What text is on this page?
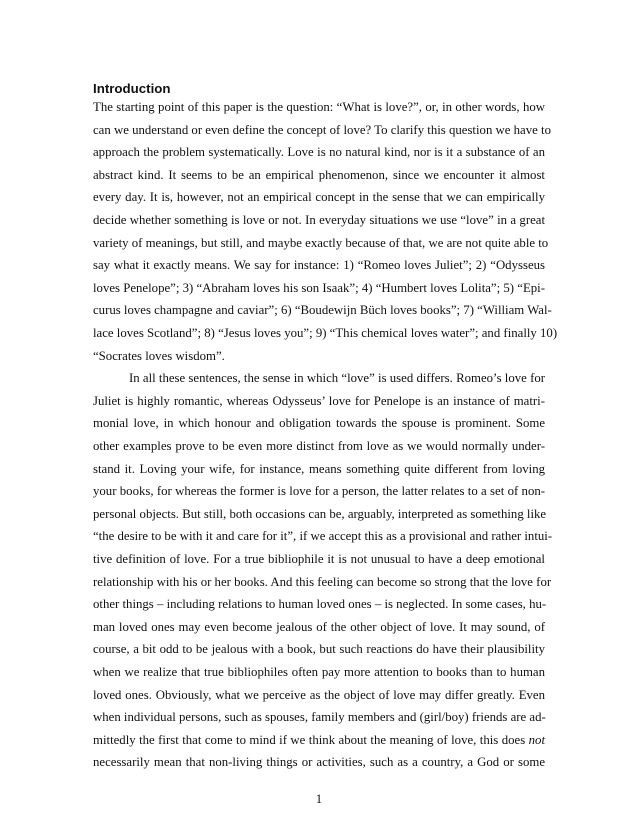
Introduction
The starting point of this paper is the question: “What is love?”, or, in other words, how
can we understand or even define the concept of love? To clarify this question we have to
approach the problem systematically. Love is no natural kind, nor is it a substance of an
abstract kind. It seems to be an empirical phenomenon, since we encounter it almost
every day. It is, however, not an empirical concept in the sense that we can empirically
decide whether something is love or not. In everyday situations we use “love” in a great
variety of meanings, but still, and maybe exactly because of that, we are not quite able to
say what it exactly means. We say for instance: 1) “Romeo loves Juliet”; 2) “Odysseus
loves Penelope”; 3) “Abraham loves his son Isaak”; 4) “Humbert loves Lolita”; 5) “Epi-
curus loves champagne and caviar”; 6) “Boudewijn Büch loves books”; 7) “William Wal-
lace loves Scotland”; 8) “Jesus loves you”; 9) “This chemical loves water”; and finally 10)
“Socrates loves wisdom”.
In all these sentences, the sense in which “love” is used differs. Romeo’s love for
Juliet is highly romantic, whereas Odysseus’ love for Penelope is an instance of matri-
monial love, in which honour and obligation towards the spouse is prominent. Some
other examples prove to be even more distinct from love as we would normally under-
stand it. Loving your wife, for instance, means something quite different from loving
your books, for whereas the former is love for a person, the latter relates to a set of non-
personal objects. But still, both occasions can be, arguably, interpreted as something like
“the desire to be with it and care for it”, if we accept this as a provisional and rather intui-
tive definition of love. For a true bibliophile it is not unusual to have a deep emotional
relationship with his or her books. And this feeling can become so strong that the love for
other things – including relations to human loved ones – is neglected. In some cases, hu-
man loved ones may even become jealous of the other object of love. It may sound, of
course, a bit odd to be jealous with a book, but such reactions do have their plausibility
when we realize that true bibliophiles often pay more attention to books than to human
loved ones. Obviously, what we perceive as the object of love may differ greatly. Even
when individual persons, such as spouses, family members and (girl/boy) friends are ad-
mittedly the first that come to mind if we think about the meaning of love, this does not
necessarily mean that non-living things or activities, such as a country, a God or some
1
